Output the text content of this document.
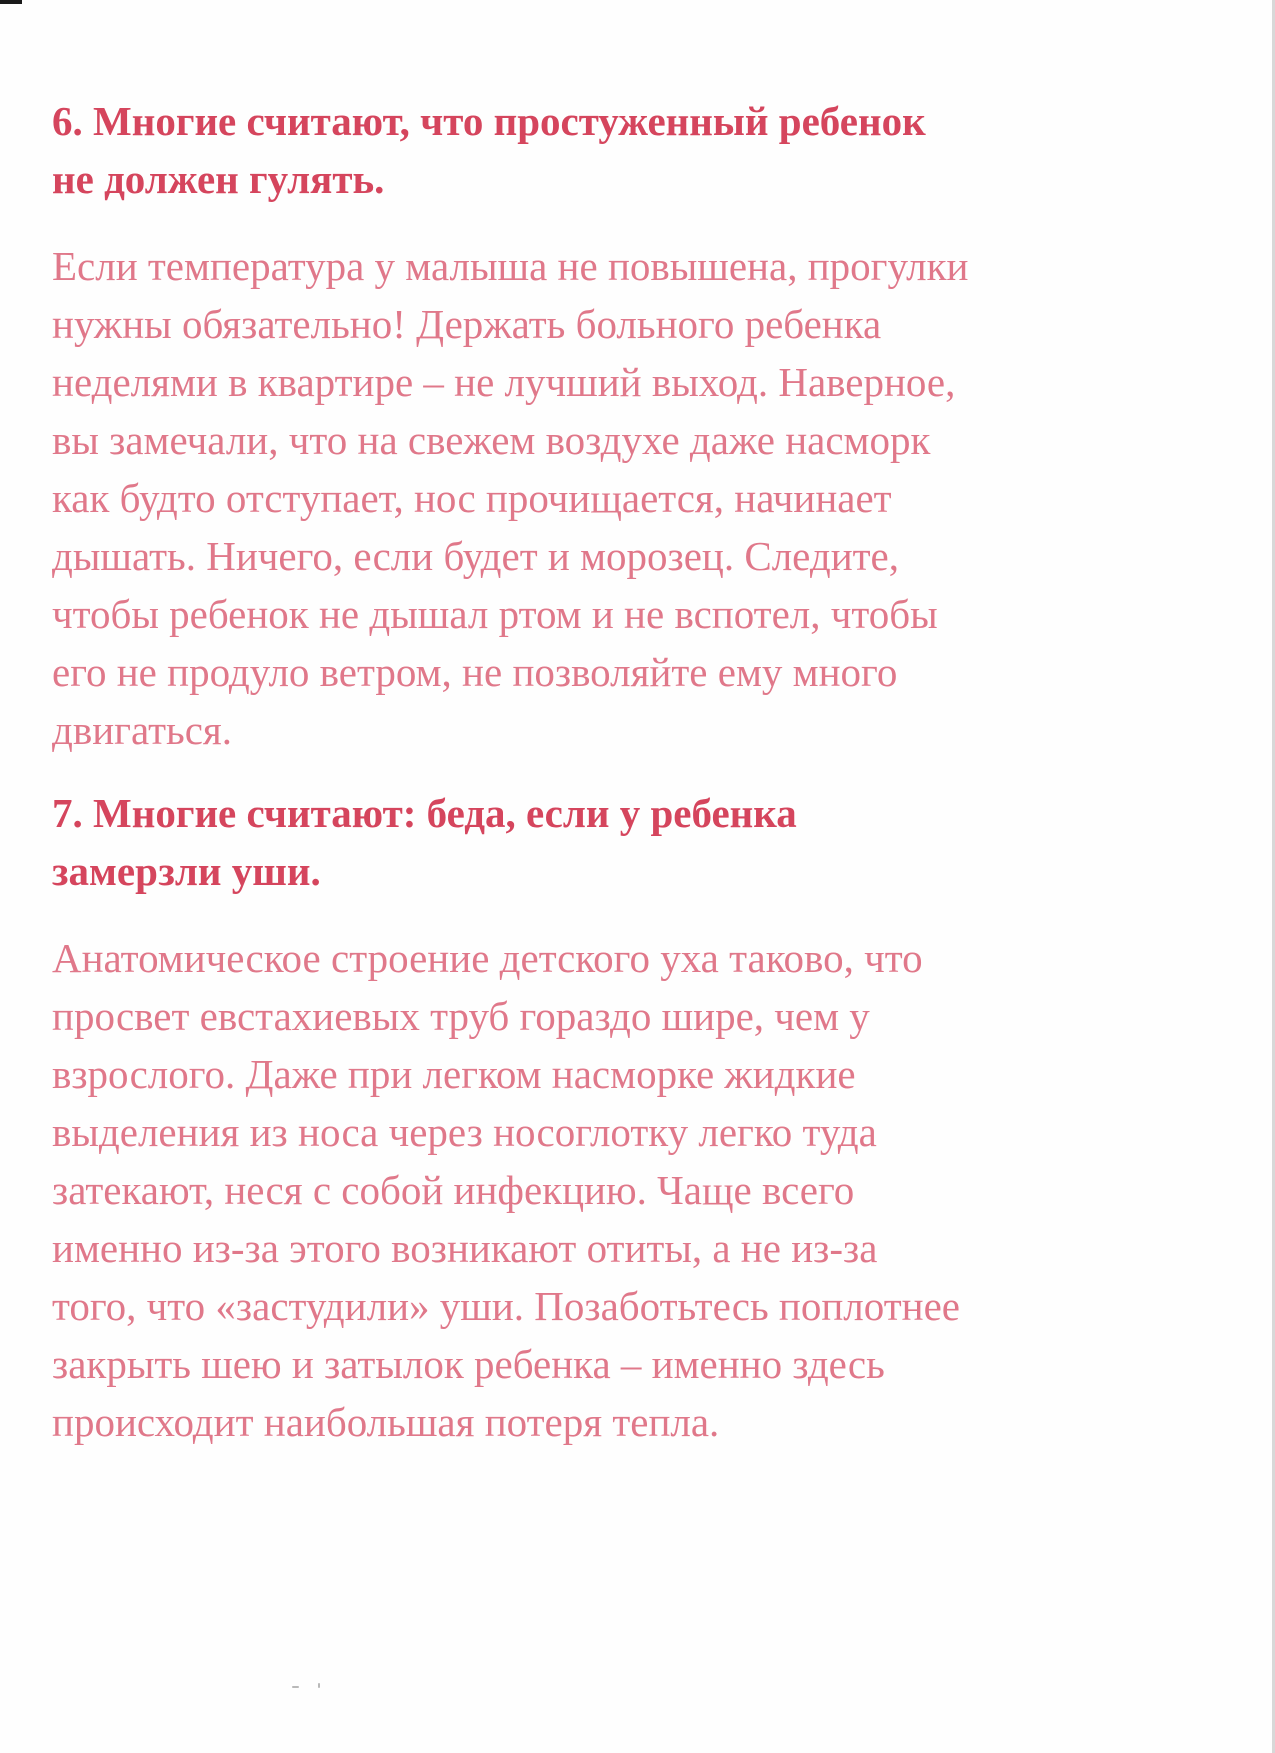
6. Многие считают, что простуженный ребенок
не должен гулять.

Если температура у малыша не повышена, прогулки
нужны обязательно! Держать больного ребенка
неделями в квартире – не лучший выход. Наверное,
вы замечали, что на свежем воздухе даже насморк
как будто отступает, нос прочищается, начинает
дышать. Ничего, если будет и морозец. Следите,
чтобы ребенок не дышал ртом и не вспотел, чтобы
его не продуло ветром, не позволяйте ему много
двигаться.

7. Многие считают: беда, если у ребенка
замерзли уши.

Анатомическое строение детского уха таково, что
просвет евстахиевых труб гораздо шире, чем у
взрослого. Даже при легком насморке жидкие
выделения из носа через носоглотку легко туда
затекают, неся с собой инфекцию. Чаще всего
именно из-за этого возникают отиты, а не из-за
того, что «застудили» уши. Позаботьтесь поплотнее
закрыть шею и затылок ребенка – именно здесь
происходит наибольшая потеря тепла.
